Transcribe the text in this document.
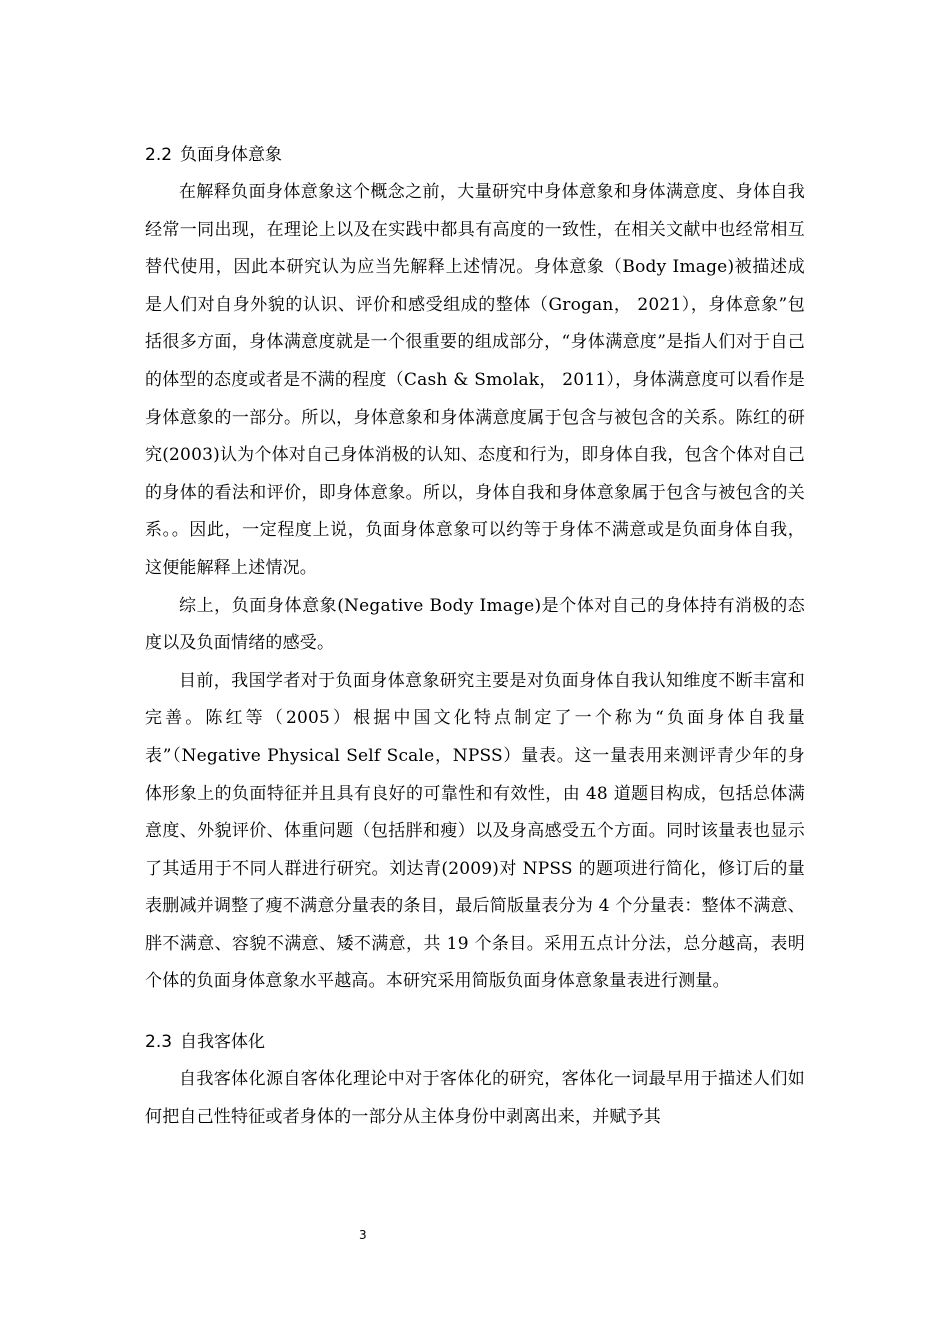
2.2 负面身体意象

在解释负面身体意象这个概念之前，大量研究中身体意象和身体满意度、身体自我经常一同出现，在理论上以及在实践中都具有高度的一致性，在相关文献中也经常相互替代使用，因此本研究认为应当先解释上述情况。身体意象（Body Image)被描述成是人们对自身外貌的认识、评价和感受组成的整体（Grogan， 2021），身体意象”包括很多方面，身体满意度就是一个很重要的组成部分，“身体满意度”是指人们对于自己的体型的态度或者是不满的程度（Cash & Smolak， 2011），身体满意度可以看作是身体意象的一部分。所以，身体意象和身体满意度属于包含与被包含的关系。陈红的研究(2003)认为个体对自己身体消极的认知、态度和行为，即身体自我，包含个体对自己的身体的看法和评价，即身体意象。所以，身体自我和身体意象属于包含与被包含的关系。。因此，一定程度上说，负面身体意象可以约等于身体不满意或是负面身体自我，这便能解释上述情况。

综上，负面身体意象(Negative Body Image)是个体对自己的身体持有消极的态度以及负面情绪的感受。

目前，我国学者对于负面身体意象研究主要是对负面身体自我认知维度不断丰富和完善。陈红等（2005）根据中国文化特点制定了一个称为“负面身体自我量表”（Negative Physical Self Scale，NPSS）量表。这一量表用来测评青少年的身体形象上的负面特征并且具有良好的可靠性和有效性，由 48 道题目构成，包括总体满意度、外貌评价、体重问题（包括胖和瘦）以及身高感受五个方面。同时该量表也显示了其适用于不同人群进行研究。刘达青(2009)对 NPSS 的题项进行简化，修订后的量表删减并调整了瘦不满意分量表的条目，最后简版量表分为 4 个分量表：整体不满意、胖不满意、容貌不满意、矮不满意，共 19 个条目。采用五点计分法，总分越高，表明个体的负面身体意象水平越高。本研究采用简版负面身体意象量表进行测量。

2.3 自我客体化

自我客体化源自客体化理论中对于客体化的研究，客体化一词最早用于描述人们如何把自己性特征或者身体的一部分从主体身份中剥离出来，并赋予其

3
